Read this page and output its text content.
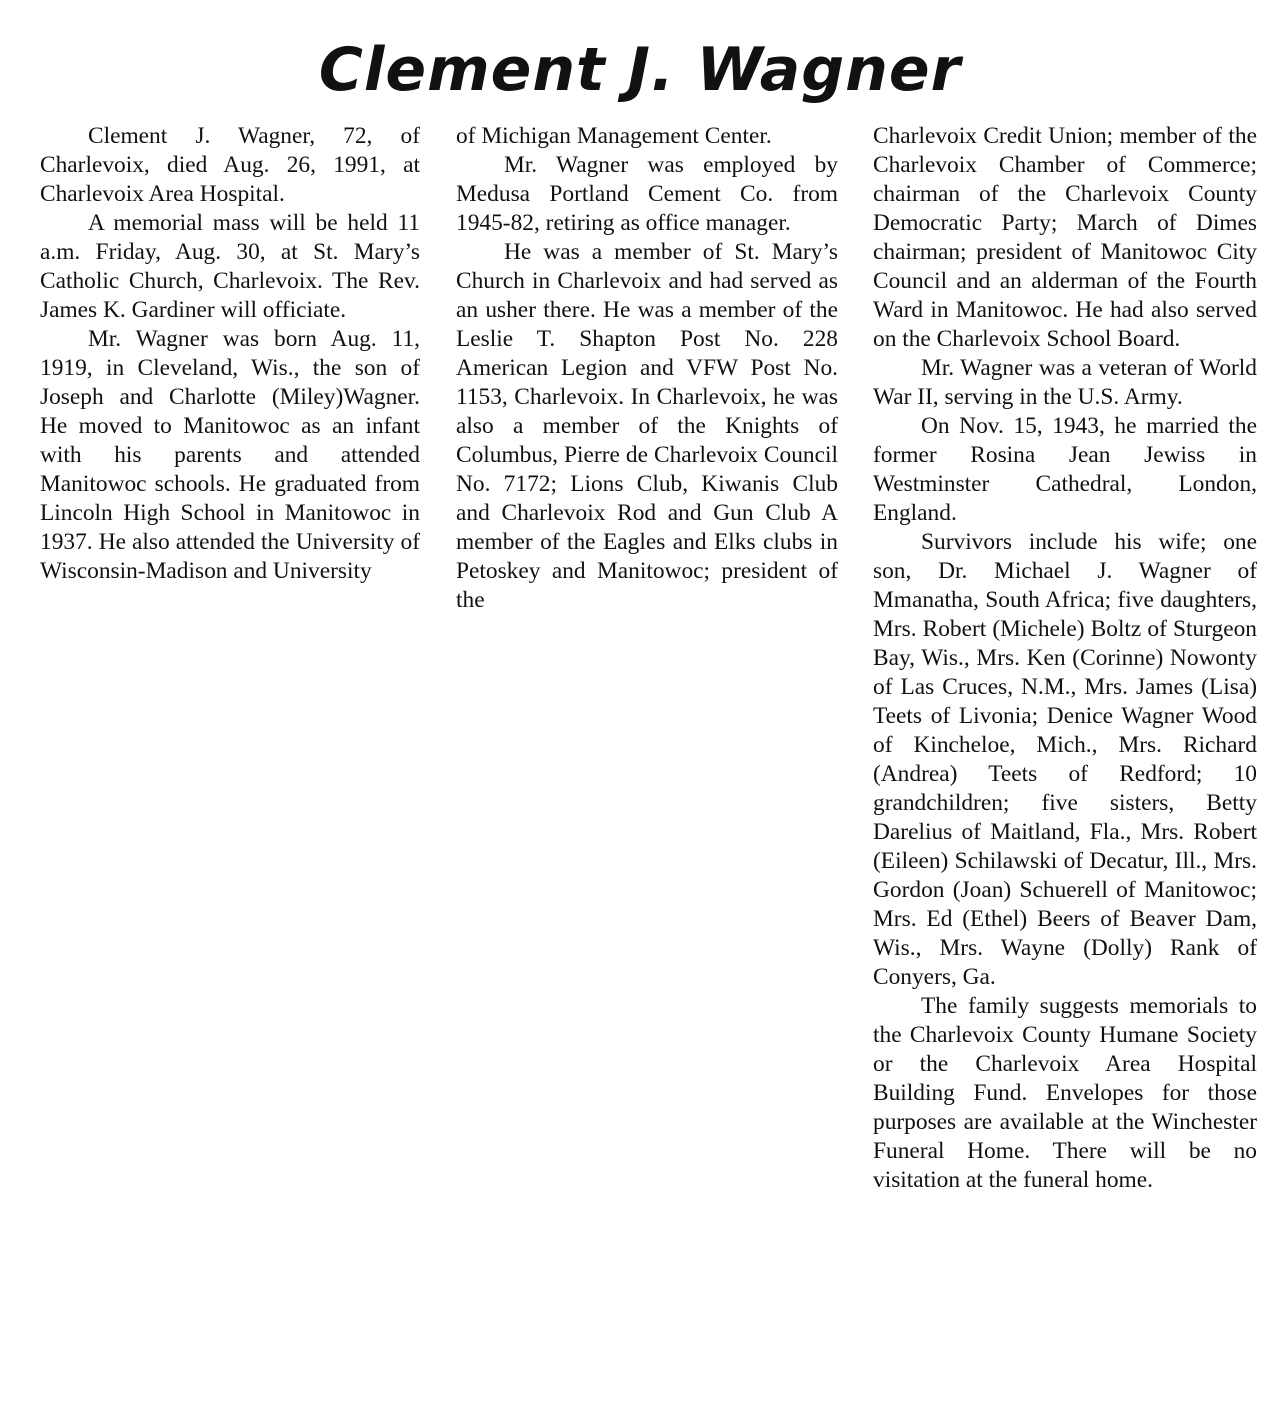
Clement J. Wagner

Clement J. Wagner, 72, of Charlevoix, died Aug. 26, 1991, at Charlevoix Area Hospital.

A memorial mass will be held 11 a.m. Friday, Aug. 30, at St. Mary’s Catholic Church, Charlevoix. The Rev. James K. Gardiner will officiate.

Mr. Wagner was born Aug. 11, 1919, in Cleveland, Wis., the son of Joseph and Charlotte (Miley)Wagner. He moved to Manitowoc as an infant with his parents and attended Manitowoc schools. He graduated from Lincoln High School in Manitowoc in 1937. He also attended the University of Wisconsin-Madison and University

of Michigan Management Center.

Mr. Wagner was employed by Medusa Portland Cement Co. from 1945-82, retiring as office manager.

He was a member of St. Mary’s Church in Charlevoix and had served as an usher there. He was a member of the Leslie T. Shapton Post No. 228 American Legion and VFW Post No. 1153, Charlevoix. In Charlevoix, he was also a member of the Knights of Columbus, Pierre de Charlevoix Council No. 7172; Lions Club, Kiwanis Club and Charlevoix Rod and Gun Club A member of the Eagles and Elks clubs in Petoskey and Manitowoc; president of the

Charlevoix Credit Union; member of the Charlevoix Chamber of Commerce; chairman of the Charlevoix County Democratic Party; March of Dimes chairman; president of Manitowoc City Council and an alderman of the Fourth Ward in Manitowoc. He had also served on the Charlevoix School Board.

Mr. Wagner was a veteran of World War II, serving in the U.S. Army.

On Nov. 15, 1943, he married the former Rosina Jean Jewiss in Westminster Cathedral, London, England.

Survivors include his wife; one son, Dr. Michael J. Wagner of Mmanatha, South Africa; five daughters, Mrs. Robert (Michele) Boltz of Sturgeon Bay, Wis., Mrs. Ken (Corinne) Nowonty of Las Cruces, N.M., Mrs. James (Lisa) Teets of Livonia; Denice Wagner Wood of Kincheloe, Mich., Mrs. Richard (Andrea) Teets of Redford; 10 grandchildren; five sisters, Betty Darelius of Maitland, Fla., Mrs. Robert (Eileen) Schilawski of Decatur, Ill., Mrs. Gordon (Joan) Schuerell of Manitowoc; Mrs. Ed (Ethel) Beers of Beaver Dam, Wis., Mrs. Wayne (Dolly) Rank of Conyers, Ga.

The family suggests memorials to the Charlevoix County Humane Society or the Charlevoix Area Hospital Building Fund. Envelopes for those purposes are available at the Winchester Funeral Home. There will be no visitation at the funeral home.
